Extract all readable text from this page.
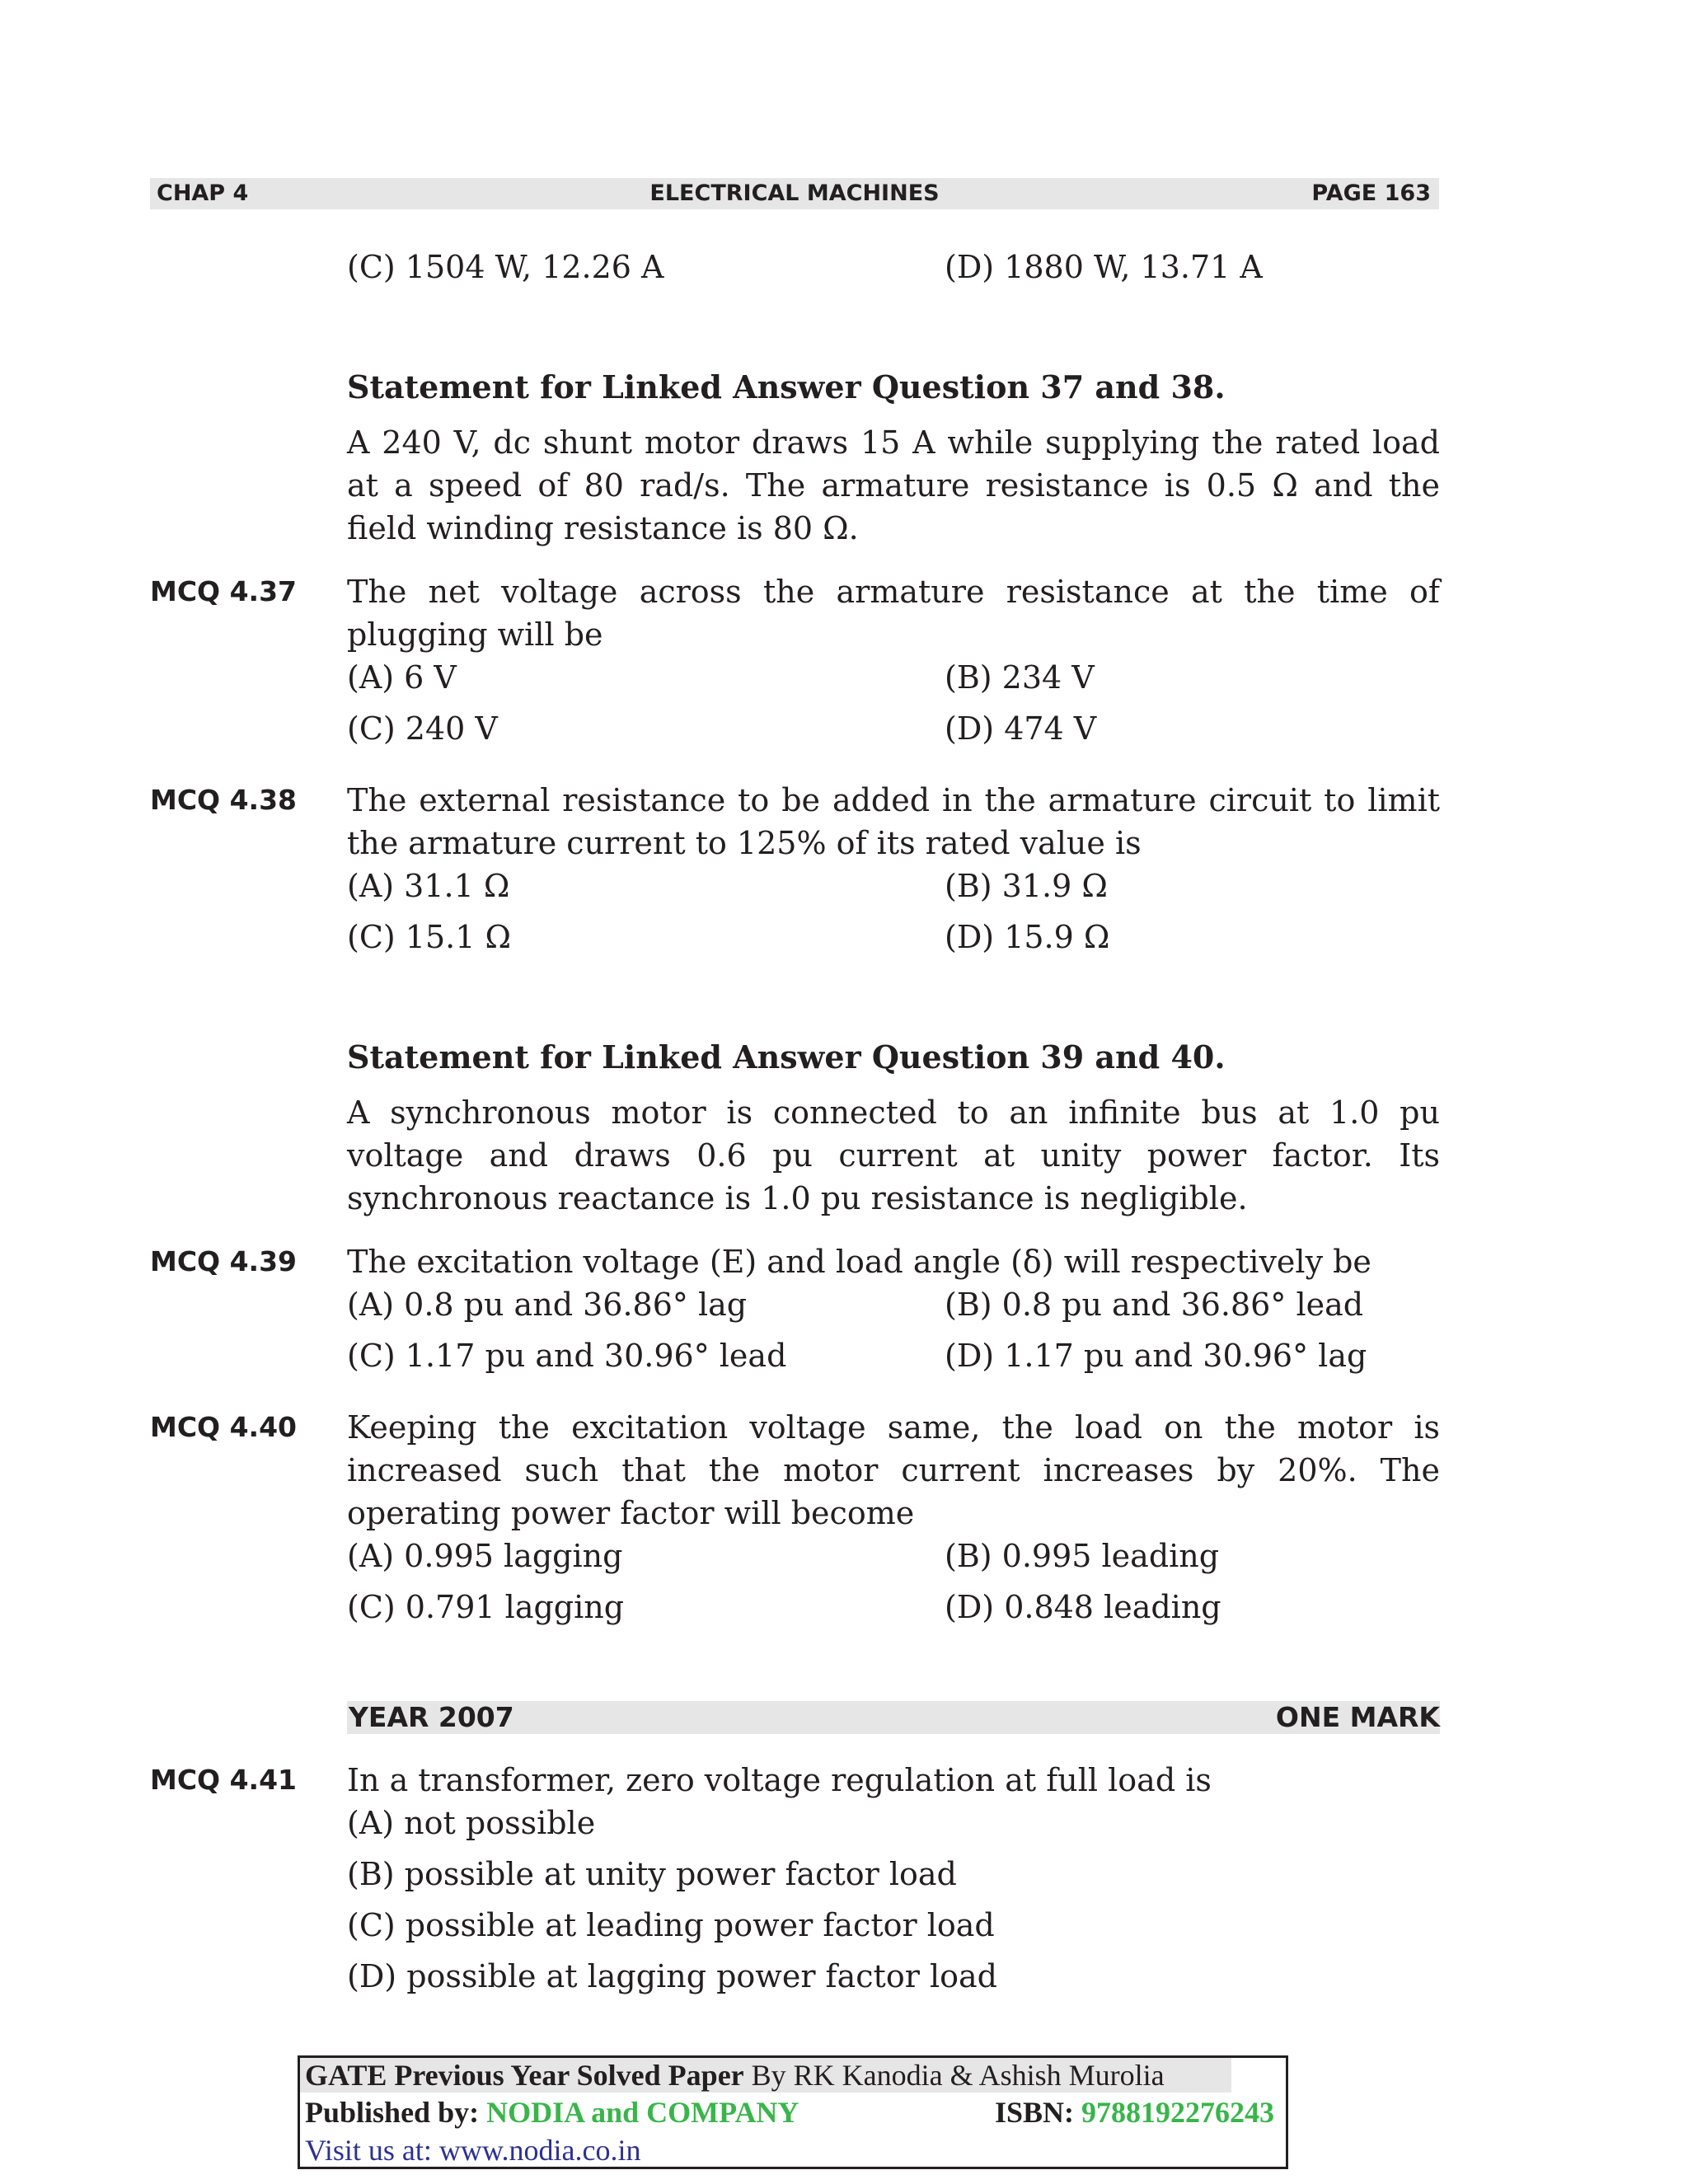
ELECTRICAL MACHINES
CHAP 4	PAGE 163
(C) 1504 W, 12.26 A	(D) 1880 W, 13.71 A
Statement for Linked Answer Question 37 and 38.
A 240 V, dc shunt motor draws 15 A while supplying the rated load at a speed of 80 rad/s. The armature resistance is 0.5 Ω and the field winding resistance is 80 Ω.
MCQ 4.37 The net voltage across the armature resistance at the time of plugging will be
(A) 6 V	(B) 234 V
(C) 240 V	(D) 474 V
MCQ 4.38 The external resistance to be added in the armature circuit to limit the armature current to 125% of its rated value is
(A) 31.1 Ω	(B) 31.9 Ω
(C) 15.1 Ω	(D) 15.9 Ω
Statement for Linked Answer Question 39 and 40.
A synchronous motor is connected to an infinite bus at 1.0 pu voltage and draws 0.6 pu current at unity power factor. Its synchronous reactance is 1.0 pu resistance is negligible.
MCQ 4.39 The excitation voltage (E) and load angle (δ) will respectively be
(A) 0.8 pu and 36.86° lag	(B) 0.8 pu and 36.86° lead
(C) 1.17 pu and 30.96° lead	(D) 1.17 pu and 30.96° lag
MCQ 4.40 Keeping the excitation voltage same, the load on the motor is increased such that the motor current increases by 20%. The operating power factor will become
(A) 0.995 lagging	(B) 0.995 leading
(C) 0.791 lagging	(D) 0.848 leading
YEAR 2007	ONE MARK
MCQ 4.41 In a transformer, zero voltage regulation at full load is
(A) not possible
(B) possible at unity power factor load
(C) possible at leading power factor load
(D) possible at lagging power factor load
GATE Previous Year Solved Paper By RK Kanodia & Ashish Murolia
Published by: NODIA and COMPANY	ISBN: 9788192276243
Visit us at: www.nodia.co.in
